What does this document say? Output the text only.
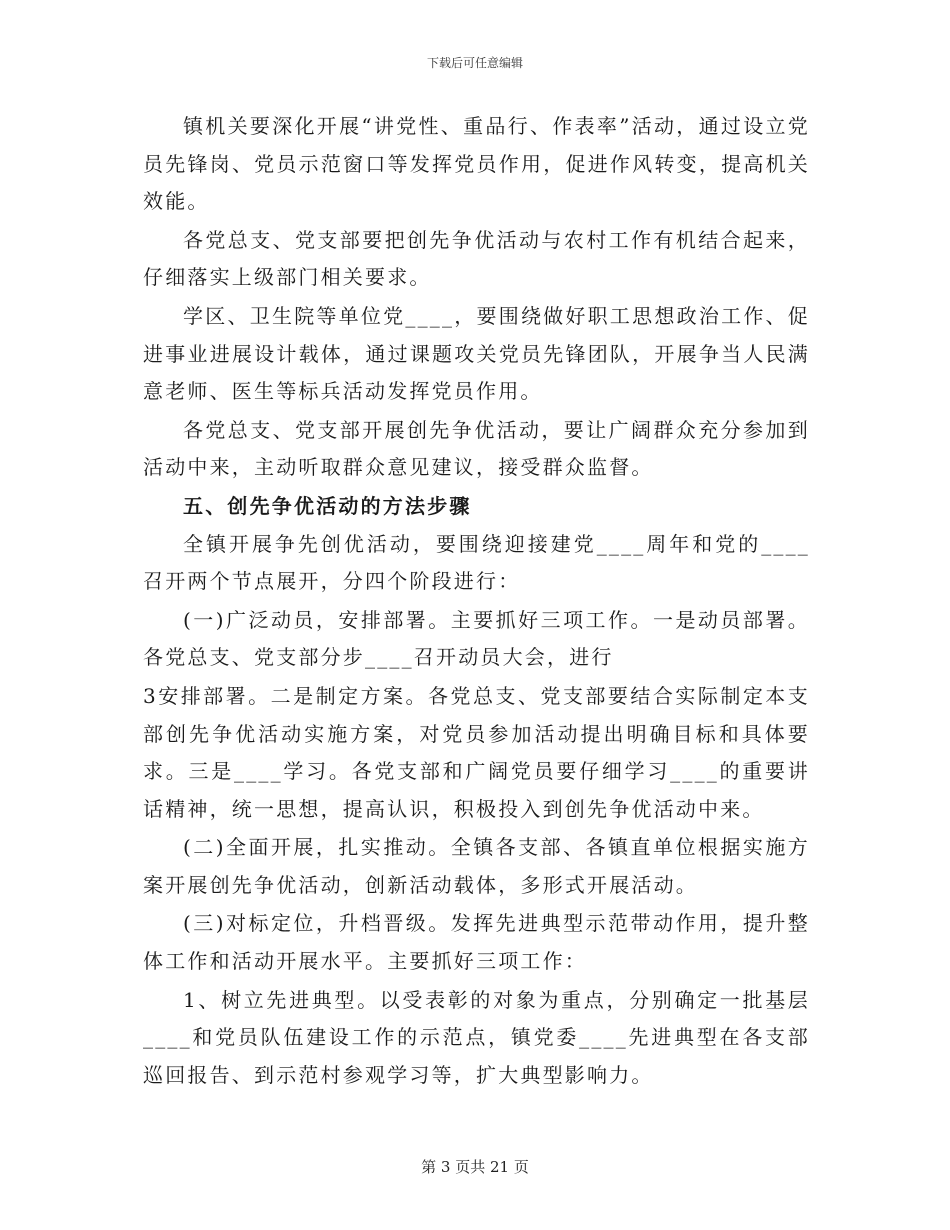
下载后可任意编辑

镇机关要深化开展“讲党性、重品行、作表率”活动，通过设立党员先锋岗、党员示范窗口等发挥党员作用，促进作风转变，提高机关效能。

各党总支、党支部要把创先争优活动与农村工作有机结合起来，仔细落实上级部门相关要求。

学区、卫生院等单位党____，要围绕做好职工思想政治工作、促进事业进展设计载体，通过课题攻关党员先锋团队，开展争当人民满意老师、医生等标兵活动发挥党员作用。

各党总支、党支部开展创先争优活动，要让广阔群众充分参加到活动中来，主动听取群众意见建议，接受群众监督。

五、创先争优活动的方法步骤

全镇开展争先创优活动，要围绕迎接建党____周年和党的____召开两个节点展开，分四个阶段进行：

(一)广泛动员，安排部署。主要抓好三项工作。一是动员部署。各党总支、党支部分步____召开动员大会，进行

3安排部署。二是制定方案。各党总支、党支部要结合实际制定本支部创先争优活动实施方案，对党员参加活动提出明确目标和具体要求。三是____学习。各党支部和广阔党员要仔细学习____的重要讲话精神，统一思想，提高认识，积极投入到创先争优活动中来。

(二)全面开展，扎实推动。全镇各支部、各镇直单位根据实施方案开展创先争优活动，创新活动载体，多形式开展活动。

(三)对标定位，升档晋级。发挥先进典型示范带动作用，提升整体工作和活动开展水平。主要抓好三项工作：

1、树立先进典型。以受表彰的对象为重点，分别确定一批基层____和党员队伍建设工作的示范点，镇党委____先进典型在各支部巡回报告、到示范村参观学习等，扩大典型影响力。

第 3 页共 21 页
